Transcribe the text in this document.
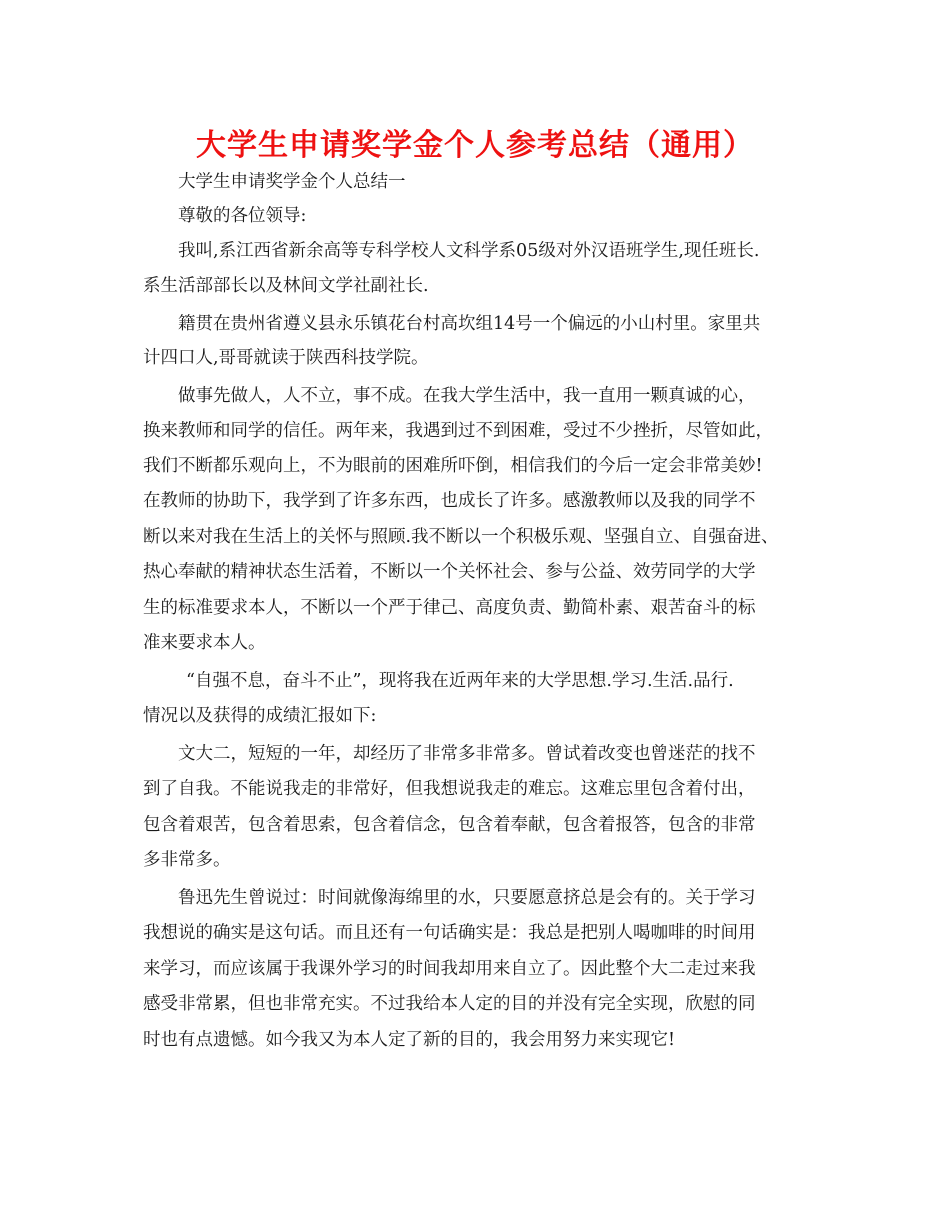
大学生申请奖学金个人参考总结（通用）
大学生申请奖学金个人总结一
尊敬的各位领导:
我叫,系江西省新余高等专科学校人文科学系05级对外汉语班学生,现任班长.
系生活部部长以及林间文学社副社长.
籍贯在贵州省遵义县永乐镇花台村高坎组14号一个偏远的小山村里。家里共
计四口人,哥哥就读于陕西科技学院。
做事先做人，人不立，事不成。在我大学生活中，我一直用一颗真诚的心，
换来教师和同学的信任。两年来，我遇到过不到困难，受过不少挫折，尽管如此，
我们不断都乐观向上，不为眼前的困难所吓倒，相信我们的今后一定会非常美妙!
在教师的协助下，我学到了许多东西，也成长了许多。感激教师以及我的同学不
断以来对我在生活上的关怀与照顾.我不断以一个积极乐观、坚强自立、自强奋进、
热心奉献的精神状态生活着，不断以一个关怀社会、参与公益、效劳同学的大学
生的标准要求本人，不断以一个严于律己、高度负责、勤简朴素、艰苦奋斗的标
准来要求本人。
“自强不息，奋斗不止”，现将我在近两年来的大学思想.学习.生活.品行.
情况以及获得的成绩汇报如下:
文大二，短短的一年，却经历了非常多非常多。曾试着改变也曾迷茫的找不
到了自我。不能说我走的非常好，但我想说我走的难忘。这难忘里包含着付出，
包含着艰苦，包含着思索，包含着信念，包含着奉献，包含着报答，包含的非常
多非常多。
鲁迅先生曾说过：时间就像海绵里的水，只要愿意挤总是会有的。关于学习
我想说的确实是这句话。而且还有一句话确实是：我总是把别人喝咖啡的时间用
来学习，而应该属于我课外学习的时间我却用来自立了。因此整个大二走过来我
感受非常累，但也非常充实。不过我给本人定的目的并没有完全实现，欣慰的同
时也有点遗憾。如今我又为本人定了新的目的，我会用努力来实现它!
